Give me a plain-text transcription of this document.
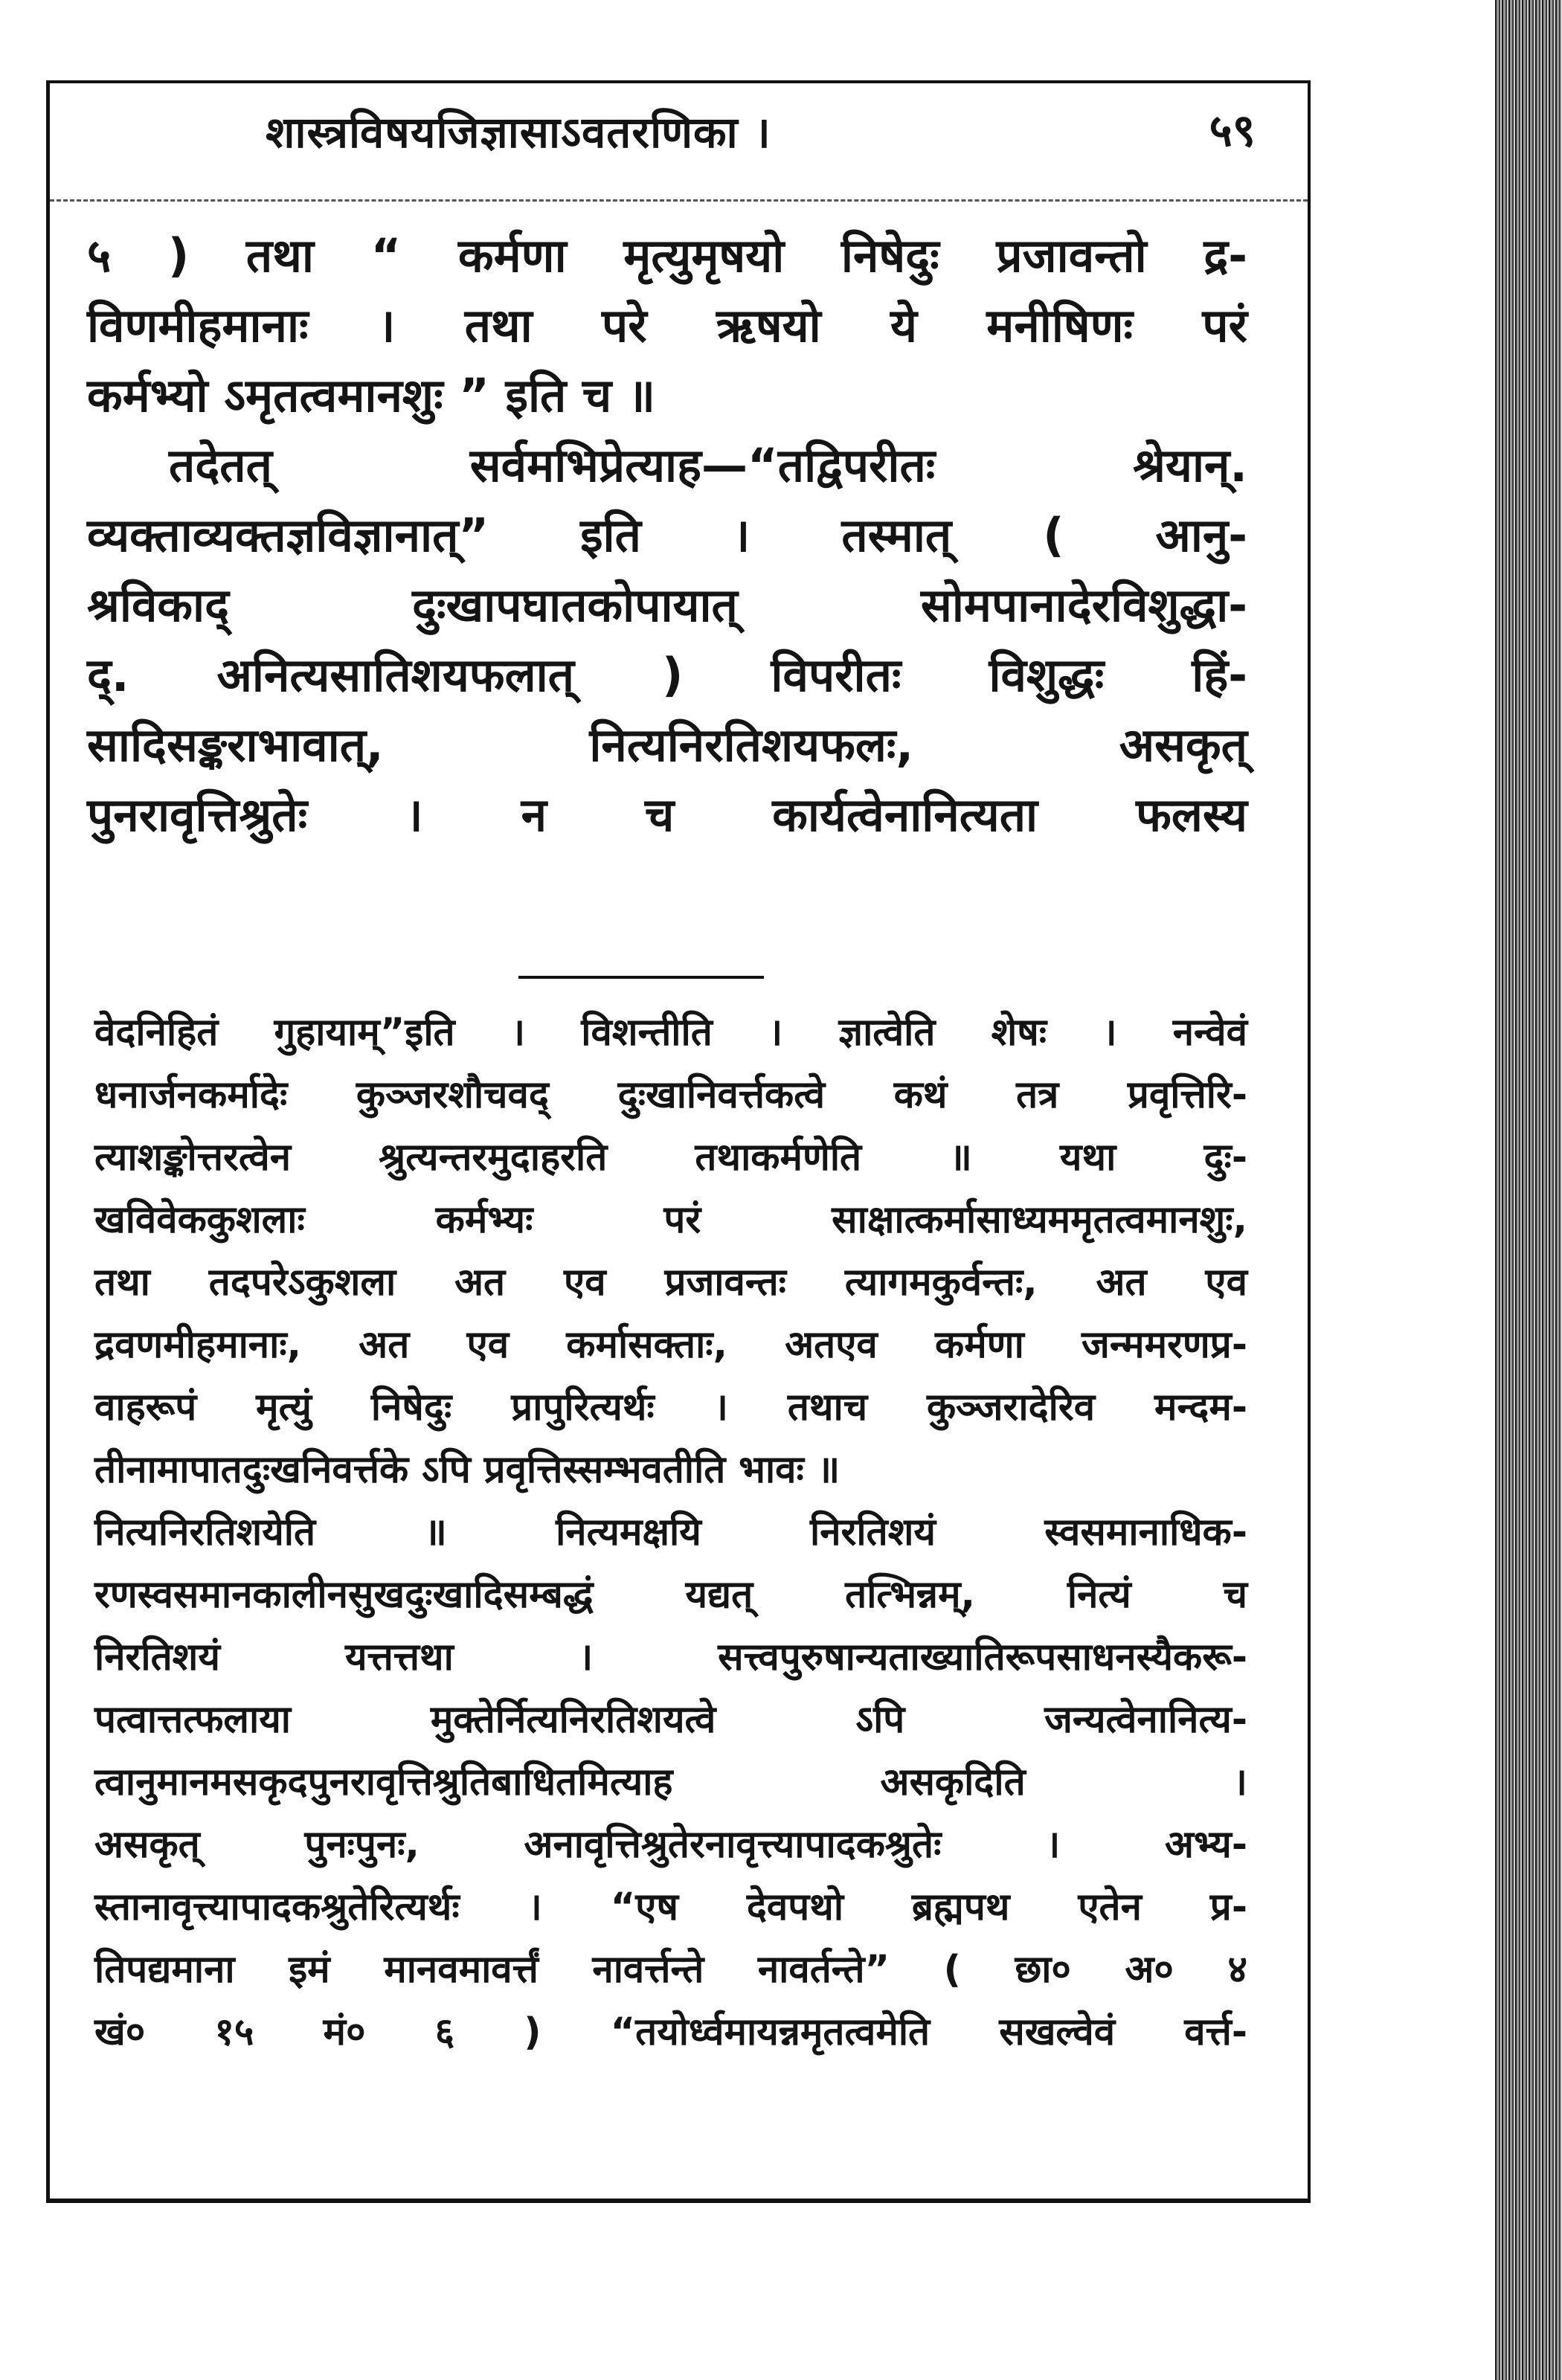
शास्त्रविषयजिज्ञासाऽवतरणिका ।	५९
५ ) तथा “ कर्मणा मृत्युमृषयो निषेदुः प्रजावन्तो द्र-
विणमीहमानाः । तथा परे ऋषयो ये मनीषिणः परं
कर्मभ्यो ऽमृतत्वमानशुः ” इति च ॥
तदेतत् सर्वमभिप्रेत्याह—“तद्विपरीतः श्रेयान्.
व्यक्ताव्यक्तज्ञविज्ञानात्” इति । तस्मात् ( आनु-
श्रविकाद् दुःखापघातकोपायात् सोमपानादेरविशुद्धा-
द्. अनित्यसातिशयफलात् ) विपरीतः विशुद्धः हिं-
सादिसङ्कराभावात्, नित्यनिरतिशयफलः, असकृत्
पुनरावृत्तिश्रुतेः । न च कार्यत्वेनानित्यता फलस्य
वेदनिहितं गुहायाम्”इति । विशन्तीति । ज्ञात्वेति शेषः । नन्वेवं
धनार्जनकर्मादेः कुञ्जरशौचवद् दुःखानिवर्त्तकत्वे कथं तत्र प्रवृत्तिरि-
त्याशङ्कोत्तरत्वेन श्रुत्यन्तरमुदाहरति तथाकर्मणेति ॥ यथा दुः-
खविवेककुशलाः कर्मभ्यः परं साक्षात्कर्मासाध्यममृतत्वमानशुः,
तथा तदपरेऽकुशला अत एव प्रजावन्तः त्यागमकुर्वन्तः, अत एव
द्रवणमीहमानाः, अत एव कर्मासक्ताः, अतएव कर्मणा जन्ममरणप्र-
वाहरूपं मृत्युं निषेदुः प्रापुरित्यर्थः । तथाच कुञ्जरादेरिव मन्दम-
तीनामापातदुःखनिवर्त्तके ऽपि प्रवृत्तिस्सम्भवतीति भावः ॥
नित्यनिरतिशयेति ॥ नित्यमक्षयि निरतिशयं स्वसमानाधिक-
रणस्वसमानकालीनसुखदुःखादिसम्बद्धं यद्यत् तत्भिन्नम्, नित्यं च
निरतिशयं यत्तत्तथा । सत्त्वपुरुषान्यताख्यातिरूपसाधनस्यैकरू-
पत्वात्तत्फलाया मुक्तेर्नित्यनिरतिशयत्वे ऽपि जन्यत्वेनानित्य-
त्वानुमानमसकृदपुनरावृत्तिश्रुतिबाधितमित्याह असकृदिति ।
असकृत् पुनःपुनः, अनावृत्तिश्रुतेरनावृत्त्यापादकश्रुतेः । अभ्य-
स्तानावृत्त्यापादकश्रुतेरित्यर्थः । “एष देवपथो ब्रह्मपथ एतेन प्र-
तिपद्यमाना इमं मानवमावर्त्तं नावर्त्तन्ते नावर्तन्ते” ( छा० अ० ४
खं० १५ मं० ६ ) “तयोर्ध्वमायन्नमृतत्वमेति सखल्वेवं वर्त्त-
